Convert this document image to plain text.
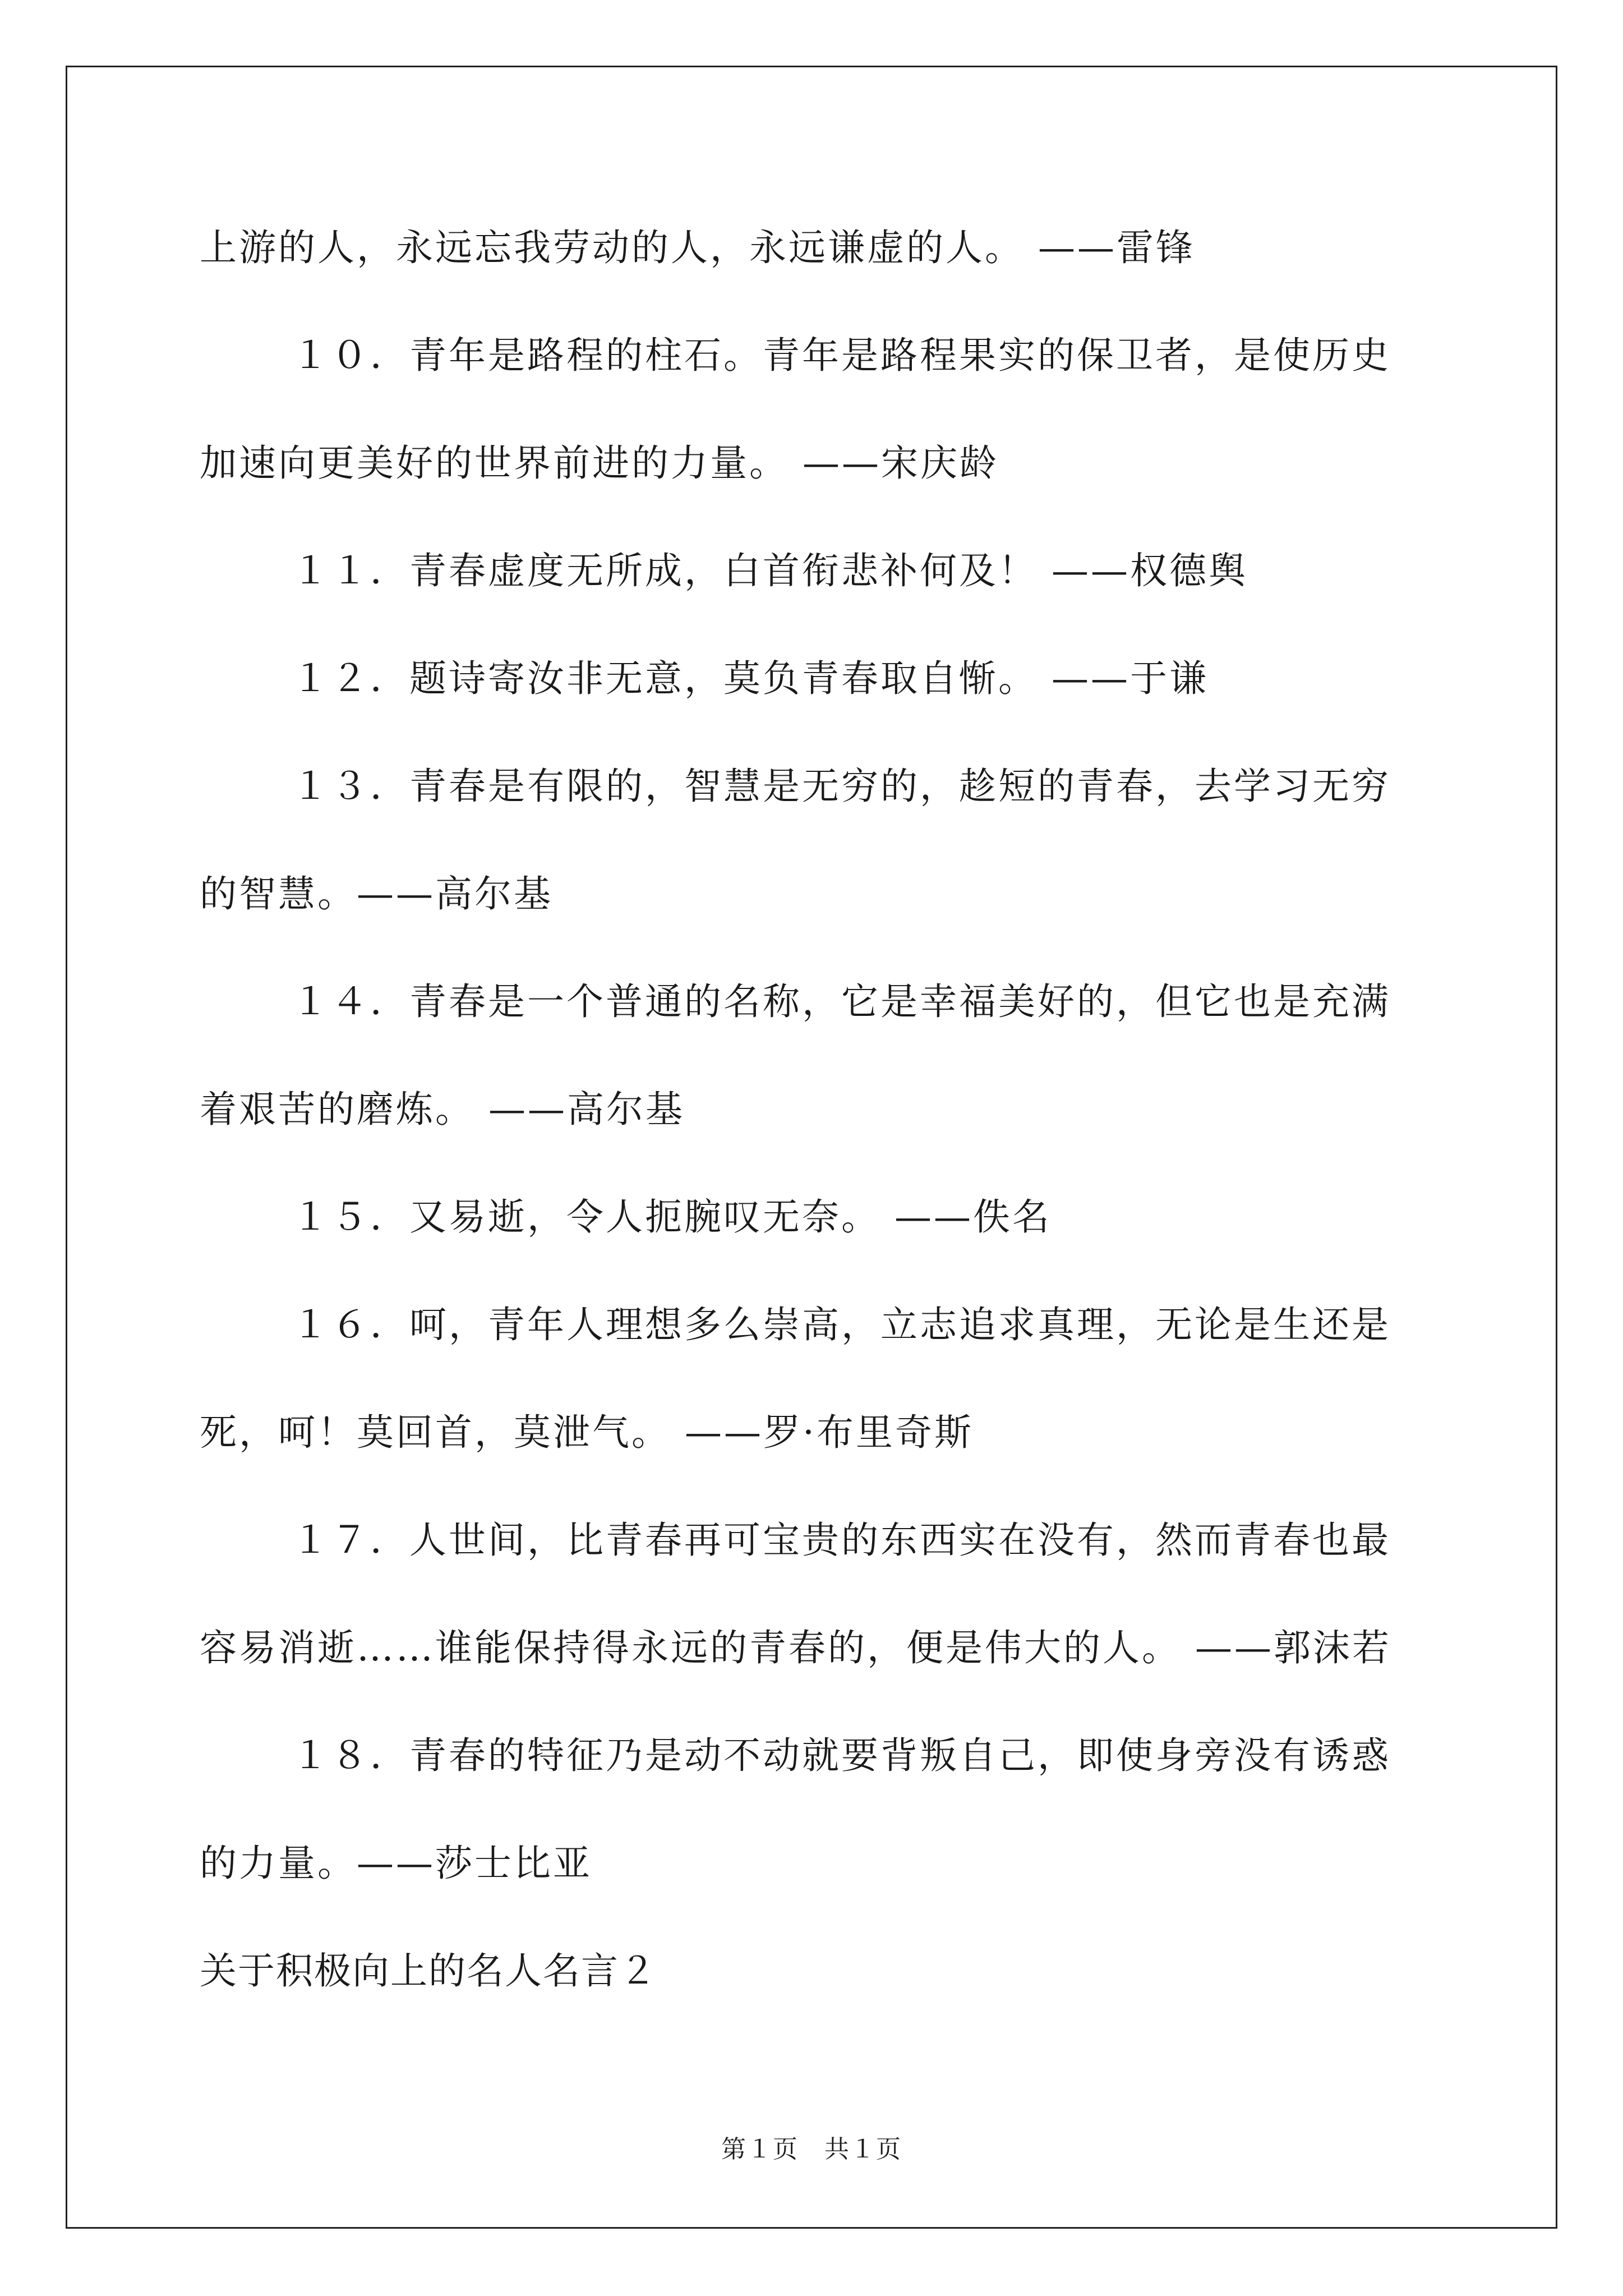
上游的人，永远忘我劳动的人，永远谦虚的人。 ——雷锋
１０．青年是路程的柱石。青年是路程果实的保卫者，是使历史
加速向更美好的世界前进的力量。 ——宋庆龄
１１．青春虚度无所成，白首衔悲补何及！ ——权德舆
１２．题诗寄汝非无意，莫负青春取自惭。 ——于谦
１３．青春是有限的，智慧是无穷的，趁短的青春，去学习无穷
的智慧。——高尔基
１４．青春是一个普通的名称，它是幸福美好的，但它也是充满
着艰苦的磨炼。 ——高尔基
１５．又易逝，令人扼腕叹无奈。 ——佚名
１６．呵，青年人理想多么崇高，立志追求真理，无论是生还是
死，呵！莫回首，莫泄气。 ——罗·布里奇斯
１７．人世间，比青春再可宝贵的东西实在没有，然而青春也最
容易消逝……谁能保持得永远的青春的，便是伟大的人。 ——郭沫若
１８．青春的特征乃是动不动就要背叛自己，即使身旁没有诱惑
的力量。——莎士比亚
关于积极向上的名人名言２
第１页　共１页
